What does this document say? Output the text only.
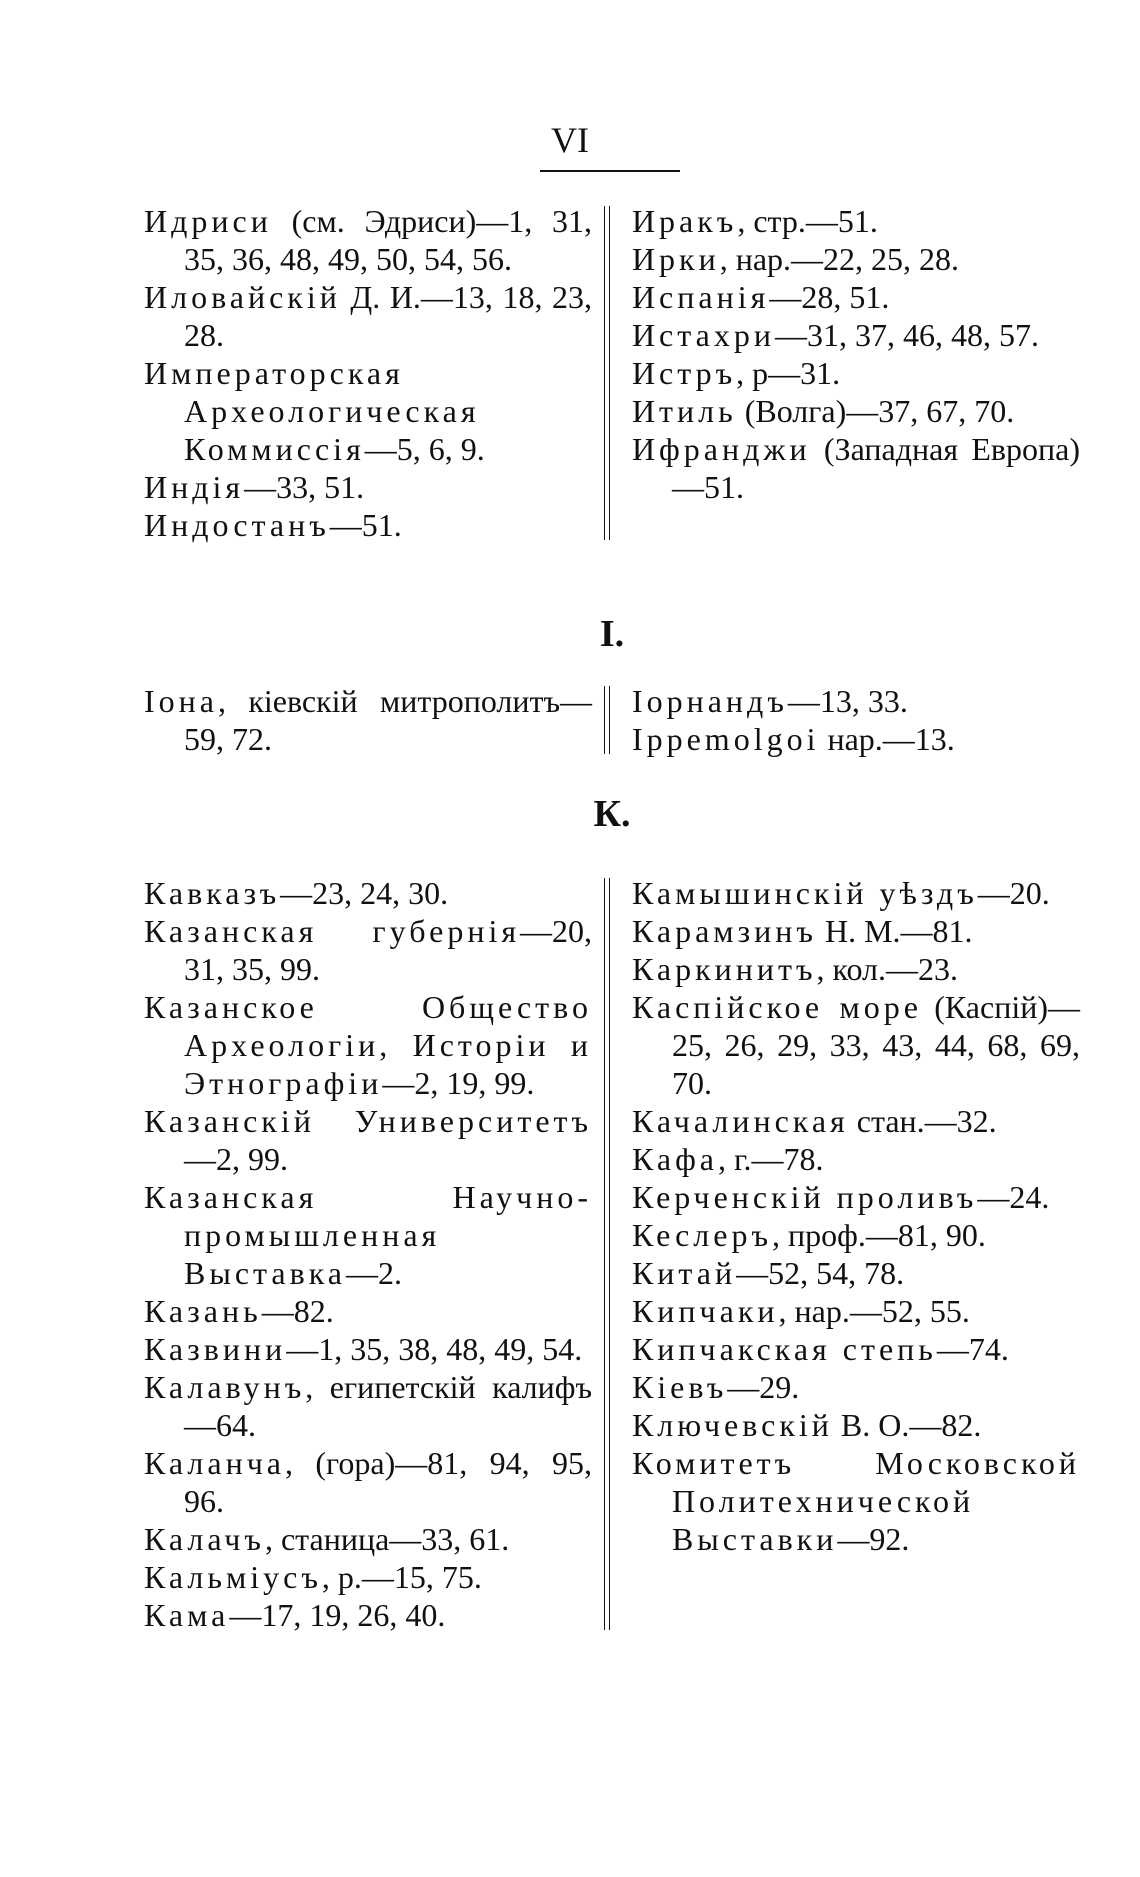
VI
Идриси (см. Эдриси)—1, 31, 35, 36, 48, 49, 50, 54, 56.
Иловайскій Д. И.—13, 18, 23, 28.
Императорская Археологическая Коммиссія—5, 6, 9.
Индія—33, 51.
Индостанъ—51.
Иракъ, стр.—51.
Ирки, нар.—22, 25, 28.
Испанія—28, 51.
Истахри—31, 37, 46, 48, 57.
Истръ, р—31.
Итиль (Волга)—37, 67, 70.
Ифранджи (Западная Европа)—51.
I.
Іона, кіевскій митрополитъ—59, 72.
Іорнандъ—13, 33.
Ippemolgoi нар.—13.
К.
Кавказъ—23, 24, 30.
Казанская губернія—20, 31, 35, 99.
Казанское Общество Археологіи, Исторіи и Этнографіи—2, 19, 99.
Казанскій Университетъ—2, 99.
Казанская Научно-промышленная Выставка—2.
Казань—82.
Казвини—1, 35, 38, 48, 49, 54.
Калавунъ, египетскій калифъ—64.
Каланча, (гора)—81, 94, 95, 96.
Калачъ, станица—33, 61.
Кальміусъ, р.—15, 75.
Кама—17, 19, 26, 40.
Камышинскій уѣздъ—20.
Карамзинъ Н. М.—81.
Каркинитъ, кол.—23.
Каспійское море (Каспій)—25, 26, 29, 33, 43, 44, 68, 69, 70.
Качалинская стан.—32.
Кафа, г.—78.
Керченскій проливъ—24.
Кеслеръ, проф.—81, 90.
Китай—52, 54, 78.
Кипчаки, нар.—52, 55.
Кипчакская степь—74.
Кіевъ—29.
Ключевскій В. О.—82.
Комитетъ Московской Политехнической Выставки—92.
